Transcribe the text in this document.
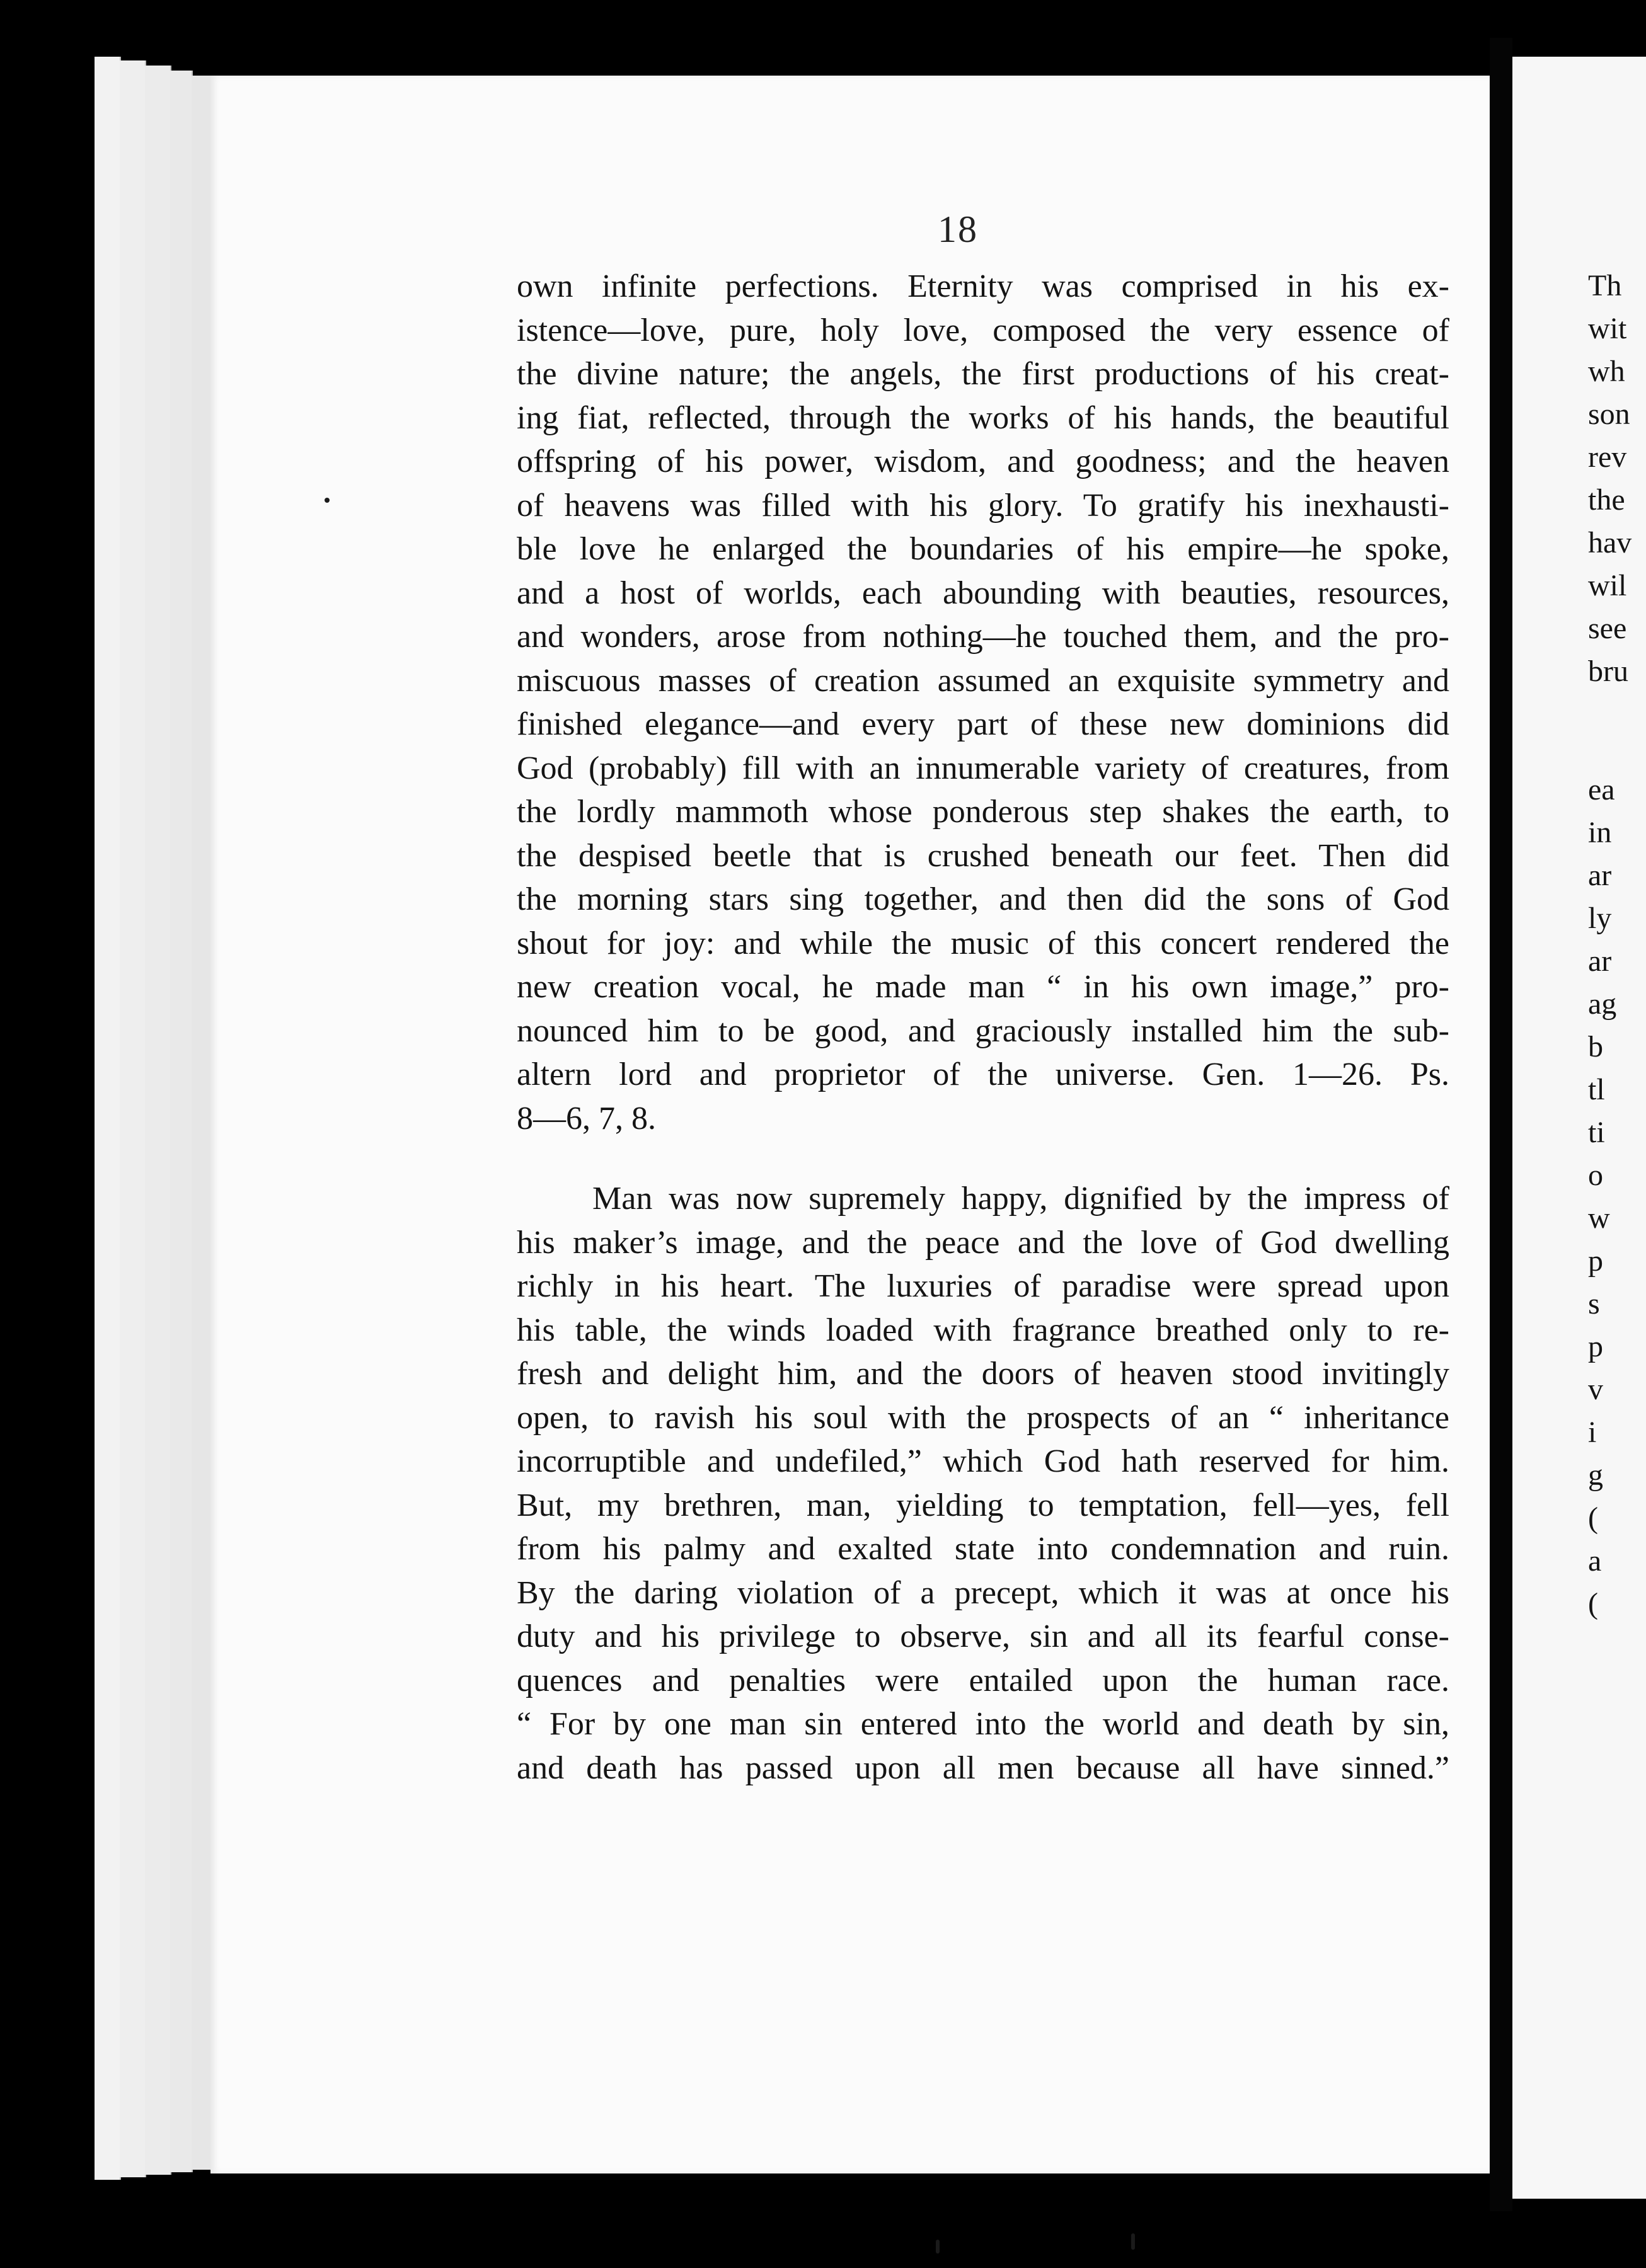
18
own infinite perfections. Eternity was comprised in his ex-
istence—love, pure, holy love, composed the very essence of
the divine nature; the angels, the first productions of his creat-
ing fiat, reflected, through the works of his hands, the beautiful
offspring of his power, wisdom, and goodness; and the heaven
of heavens was filled with his glory. To gratify his inexhausti-
ble love he enlarged the boundaries of his empire—he spoke,
and a host of worlds, each abounding with beauties, resources,
and wonders, arose from nothing—he touched them, and the pro-
miscuous masses of creation assumed an exquisite symmetry and
finished elegance—and every part of these new dominions did
God (probably) fill with an innumerable variety of creatures, from
the lordly mammoth whose ponderous step shakes the earth, to
the despised beetle that is crushed beneath our feet. Then did
the morning stars sing together, and then did the sons of God
shout for joy: and while the music of this concert rendered the
new creation vocal, he made man “ in his own image,” pro-
nounced him to be good, and graciously installed him the sub-
altern lord and proprietor of the universe. Gen. 1—26. Ps.
8—6, 7, 8.
Man was now supremely happy, dignified by the impress of
his maker’s image, and the peace and the love of God dwelling
richly in his heart. The luxuries of paradise were spread upon
his table, the winds loaded with fragrance breathed only to re-
fresh and delight him, and the doors of heaven stood invitingly
open, to ravish his soul with the prospects of an “ inheritance
incorruptible and undefiled,” which God hath reserved for him.
But, my brethren, man, yielding to temptation, fell—yes, fell
from his palmy and exalted state into condemnation and ruin.
By the daring violation of a precept, which it was at once his
duty and his privilege to observe, sin and all its fearful conse-
quences and penalties were entailed upon the human race.
“ For by one man sin entered into the world and death by sin,
and death has passed upon all men because all have sinned.”
Th
wit
wh
son
rev
the
hav
wil
see
bru
ea
in
ar
ly
ar
ag
b
tl
ti
o
w
p
s
p
v
i
g
(
a
(
